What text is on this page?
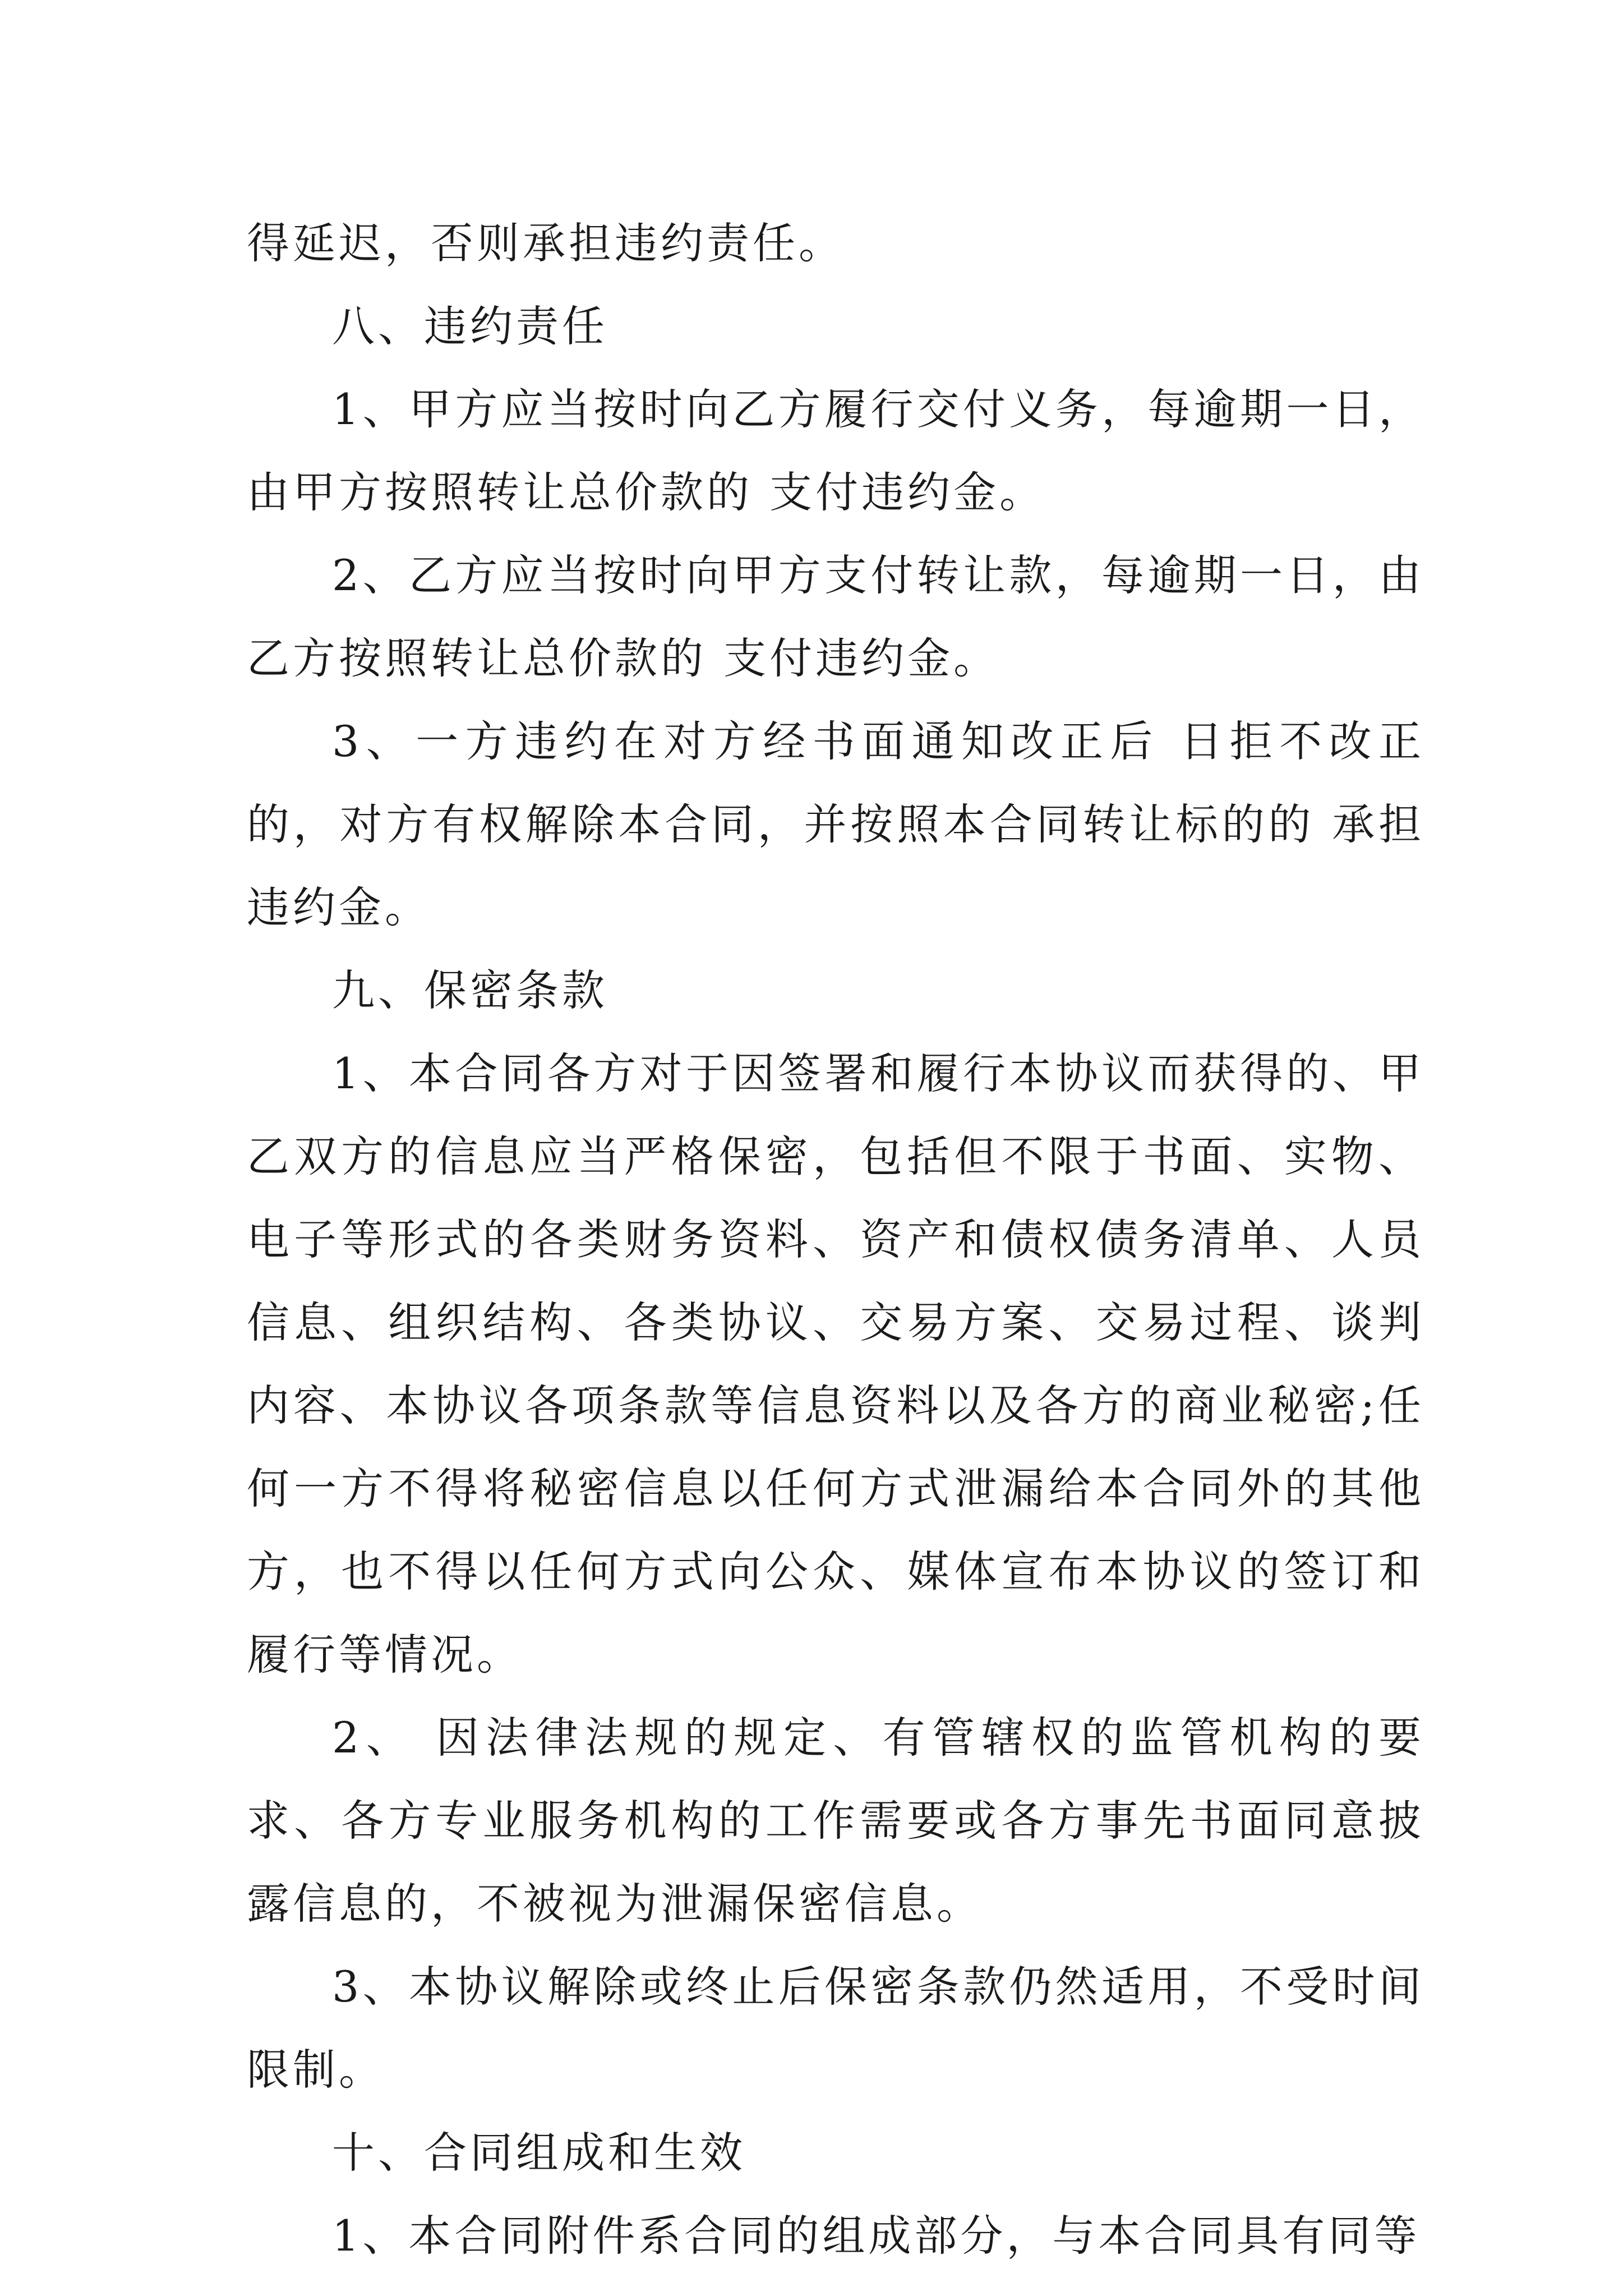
得延迟，否则承担违约责任。

八、违约责任

1、甲方应当按时向乙方履行交付义务，每逾期一日，由甲方按照转让总价款的 支付违约金。

2、乙方应当按时向甲方支付转让款，每逾期一日，由乙方按照转让总价款的 支付违约金。

3、一方违约在对方经书面通知改正后 日拒不改正的，对方有权解除本合同，并按照本合同转让标的的 承担违约金。

九、保密条款

1、本合同各方对于因签署和履行本协议而获得的、甲乙双方的信息应当严格保密，包括但不限于书面、实物、电子等形式的各类财务资料、资产和债权债务清单、人员信息、组织结构、各类协议、交易方案、交易过程、谈判内容、本协议各项条款等信息资料以及各方的商业秘密;任何一方不得将秘密信息以任何方式泄漏给本合同外的其他方，也不得以任何方式向公众、媒体宣布本协议的签订和履行等情况。

2、 因法律法规的规定、有管辖权的监管机构的要求、各方专业服务机构的工作需要或各方事先书面同意披露信息的，不被视为泄漏保密信息。

3、本协议解除或终止后保密条款仍然适用，不受时间限制。

十、合同组成和生效

1、本合同附件系合同的组成部分，与本合同具有同等
